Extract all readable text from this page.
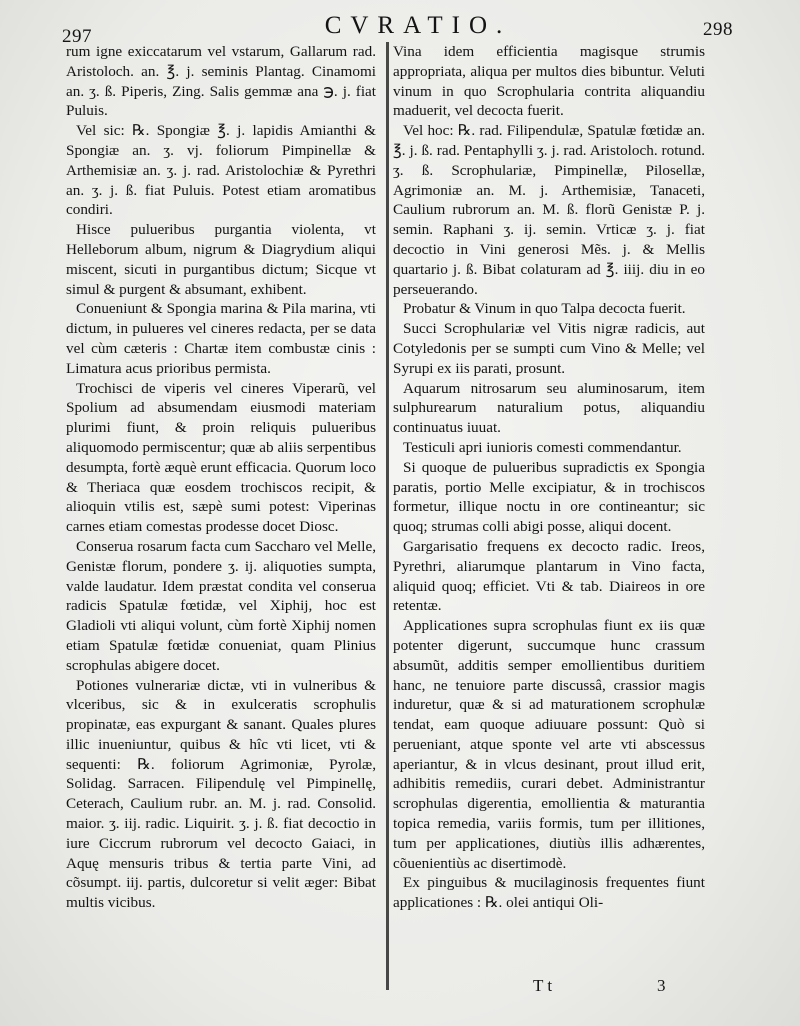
297	CVRATIO.	298

rum igne exiccatarum vel vstarum, Gallarum rad. Aristoloch. an. ℥. j. seminis Plantag. Cinamomi an. ʒ. ß. Piperis, Zing. Salis gemmæ ana ℈. j. fiat Puluis.

Vel sic: ℞. Spongiæ ℥. j. lapidis Amianthi & Spongiæ an. ʒ. vj. foliorum Pimpinellæ & Arthemisiæ an. ʒ. j. rad. Aristolochiæ & Pyrethri an. ʒ. j. ß. fiat Puluis. Potest etiam aromatibus condiri.

Hisce pulueribus purgantia violenta, vt Helleborum album, nigrum & Diagrydium aliqui miscent, sicuti in purgantibus dictum; Sicque vt simul & purgent & absumant, exhibent.

Conueniunt & Spongia marina & Pila marina, vti dictum, in pulueres vel cineres redacta, per se data vel cùm cæteris : Chartæ item combustæ cinis : Limatura acus prioribus permista.

Trochisci de viperis vel cineres Viperarũ, vel Spolium ad absumendam eiusmodi materiam plurimi fiunt, & proin reliquis pulueribus aliquomodo permiscentur; quæ ab aliis serpentibus desumpta, fortè æquè erunt efficacia. Quorum loco & Theriaca quæ eosdem trochiscos recipit, & alioquin vtilis est, sæpè sumi potest: Viperinas carnes etiam comestas prodesse docet Diosc.

Conserua rosarum facta cum Saccharo vel Melle, Genistæ florum, pondere ʒ. ij. aliquoties sumpta, valde laudatur. Idem præstat condita vel conserua radicis Spatulæ fœtidæ, vel Xiphij, hoc est Gladioli vti aliqui volunt, cùm fortè Xiphij nomen etiam Spatulæ fœtidæ conueniat, quam Plinius scrophulas abigere docet.

Potiones vulnerariæ dictæ, vti in vulneribus & vlceribus, sic & in exulceratis scrophulis propinatæ, eas expurgant & sanant. Quales plures illic inueniuntur, quibus & hîc vti licet, vti & sequenti: ℞. foliorum Agrimoniæ, Pyrolæ, Solidag. Sarracen. Filipendulę vel Pimpinellę, Ceterach, Caulium rubr. an. M. j. rad. Consolid. maior. ʒ. iij. radic. Liquirit. ʒ. j. ß. fiat decoctio in iure Ciccrum rubrorum vel decocto Gaiaci, in Aquę mensuris tribus & tertia parte Vini, ad cõsumpt. iij. partis, dulcoretur si velit æger: Bibat multis vicibus.

Vina idem efficientia magisque strumis appropriata, aliqua per multos dies bibuntur. Veluti vinum in quo Scrophularia contrita aliquandiu maduerit, vel decocta fuerit.

Vel hoc: ℞. rad. Filipendulæ, Spatulæ fœtidæ an. ℥. j. ß. rad. Pentaphylli ʒ. j. rad. Aristoloch. rotund. ʒ. ß. Scrophulariæ, Pimpinellæ, Pilosellæ, Agrimoniæ an. M. j. Arthemisiæ, Tanaceti, Caulium rubrorum an. M. ß. florũ Genistæ P. j. semin. Raphani ʒ. ij. semin. Vrticæ ʒ. j. fiat decoctio in Vini generosi Mẽs. j. & Mellis quartario j. ß. Bibat colaturam ad ℥. iiij. diu in eo perseuerando.

Probatur & Vinum in quo Talpa decocta fuerit.

Succi Scrophulariæ vel Vitis nigræ radicis, aut Cotyledonis per se sumpti cum Vino & Melle; vel Syrupi ex iis parati, prosunt.

Aquarum nitrosarum seu aluminosarum, item sulphurearum naturalium potus, aliquandiu continuatus iuuat.

Testiculi apri iunioris comesti commendantur.

Si quoque de pulueribus supradictis ex Spongia paratis, portio Melle excipiatur, & in trochiscos formetur, illique noctu in ore contineantur; sic quoq; strumas colli abigi posse, aliqui docent.

Gargarisatio frequens ex decocto radic. Ireos, Pyrethri, aliarumque plantarum in Vino facta, aliquid quoq; efficiet. Vti & tab. Diaireos in ore retentæ.

Applicationes supra scrophulas fiunt ex iis quæ potenter digerunt, succumque hunc crassum absumũt, additis semper emollientibus duritiem hanc, ne tenuiore parte discussâ, crassior magis induretur, quæ & si ad maturationem scrophulæ tendat, eam quoque adiuuare possunt: Quò si perueniant, atque sponte vel arte vti abscessus aperiantur, & in vlcus desinant, prout illud erit, adhibitis remediis, curari debet. Administrantur scrophulas digerentia, emollientia & maturantia topica remedia, variis formis, tum per illitiones, tum per applicationes, diutiùs illis adhærentes, cõuenientiùs ac disertimodè.

Ex pinguibus & mucilaginosis frequentes fiunt applicationes : ℞. olei antiqui Oli-

Tt	3
